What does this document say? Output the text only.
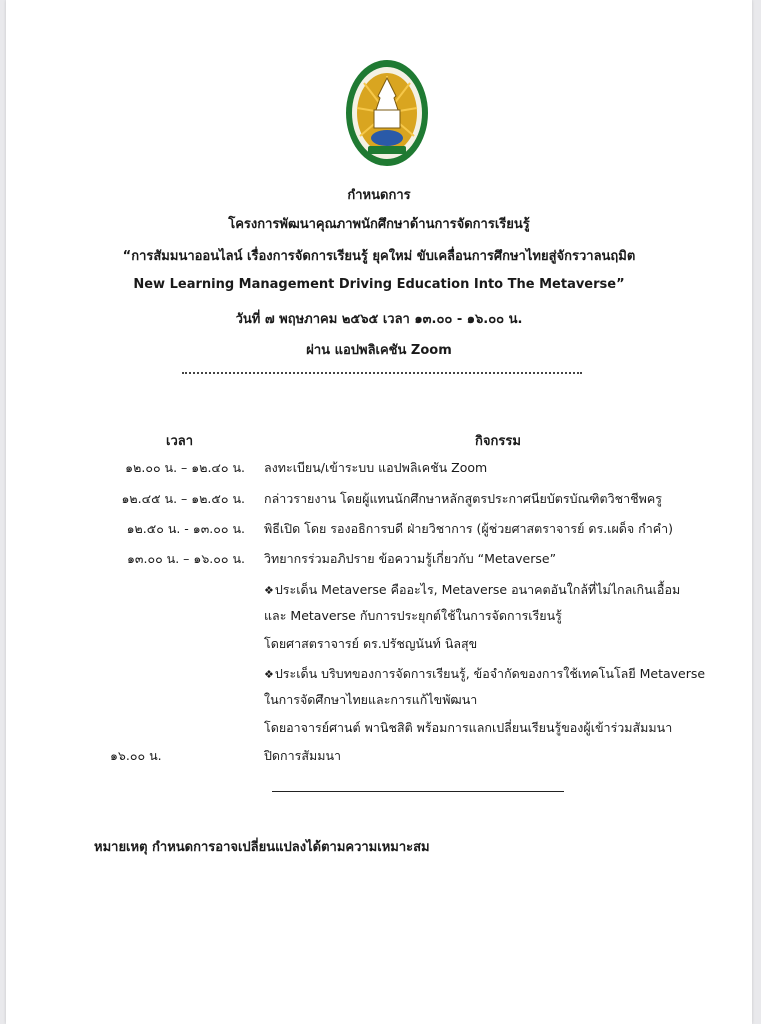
กำหนดการ
โครงการพัฒนาคุณภาพนักศึกษาด้านการจัดการเรียนรู้
“การสัมมนาออนไลน์ เรื่องการจัดการเรียนรู้ ยุคใหม่ ขับเคลื่อนการศึกษาไทยสู่จักรวาลนฤมิต
New Learning Management Driving Education Into The Metaverse”
วันที่ ๗ พฤษภาคม ๒๕๖๕ เวลา ๑๓.๐๐ - ๑๖.๐๐ น.
ผ่าน แอปพลิเคชัน Zoom
เวลา	กิจกรรม
๑๒.๐๐ น. – ๑๒.๔๐ น. ลงทะเบียน/เข้าระบบ แอปพลิเคชัน Zoom
๑๒.๔๕ น. – ๑๒.๕๐ น. กล่าวรายงาน โดยผู้แทนนักศึกษาหลักสูตรประกาศนียบัตรบัณฑิตวิชาชีพครู
๑๒.๕๐ น. - ๑๓.๐๐ น. พิธีเปิด โดย รองอธิการบดี ฝ่ายวิชาการ (ผู้ช่วยศาสตราจารย์ ดร.เผด็จ กำคำ)
๑๓.๐๐ น. – ๑๖.๐๐ น. วิทยากรร่วมอภิปราย ข้อความรู้เกี่ยวกับ “Metaverse”
❖ประเด็น Metaverse คืออะไร, Metaverse อนาคตอันใกล้ที่ไม่ไกลเกินเอื้อม
และ Metaverse กับการประยุกต์ใช้ในการจัดการเรียนรู้
โดยศาสตราจารย์ ดร.ปรัชญนันท์ นิลสุข
❖ประเด็น บริบทของการจัดการเรียนรู้, ข้อจำกัดของการใช้เทคโนโลยี Metaverse
ในการจัดศึกษาไทยและการแก้ไขพัฒนา
โดยอาจารย์ศานต์ พานิชสิติ พร้อมการแลกเปลี่ยนเรียนรู้ของผู้เข้าร่วมสัมมนา
๑๖.๐๐ น.	ปิดการสัมมนา
หมายเหตุ กำหนดการอาจเปลี่ยนแปลงได้ตามความเหมาะสม
